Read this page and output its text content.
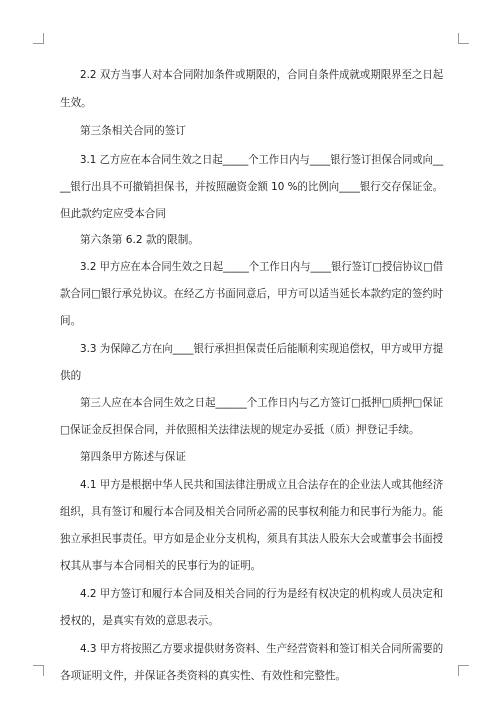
2.2 双方当事人对本合同附加条件或期限的，合同自条件成就或期限界至之日起
生效。
第三条相关合同的签订
3.1 乙方应在本合同生效之日起_____个工作日内与____银行签订担保合同或向__
__银行出具不可撤销担保书，并按照融资金额 10 %的比例向____银行交存保证金。
但此款约定应受本合同
第六条第 6.2 款的限制。
3.2 甲方应在本合同生效之日起_____个工作日内与____银行签订□授信协议□借
款合同□银行承兑协议。在经乙方书面同意后，甲方可以适当延长本款约定的签约时
间。
3.3 为保障乙方在向____银行承担担保责任后能顺利实现追偿权，甲方或甲方提
供的
第三人应在本合同生效之日起______个工作日内与乙方签订□抵押□质押□保证
□保证金反担保合同，并依照相关法律法规的规定办妥抵（质）押登记手续。
第四条甲方陈述与保证
4.1 甲方是根据中华人民共和国法律注册成立且合法存在的企业法人或其他经济
组织，具有签订和履行本合同及相关合同所必需的民事权利能力和民事行为能力。能
独立承担民事责任。甲方如是企业分支机构，须具有其法人股东大会或董事会书面授
权其从事与本合同相关的民事行为的证明。
4.2 甲方签订和履行本合同及相关合同的行为是经有权决定的机构或人员决定和
授权的，是真实有效的意思表示。
4.3 甲方将按照乙方要求提供财务资料、生产经营资料和签订相关合同所需要的
各项证明文件，并保证各类资料的真实性、有效性和完整性。
